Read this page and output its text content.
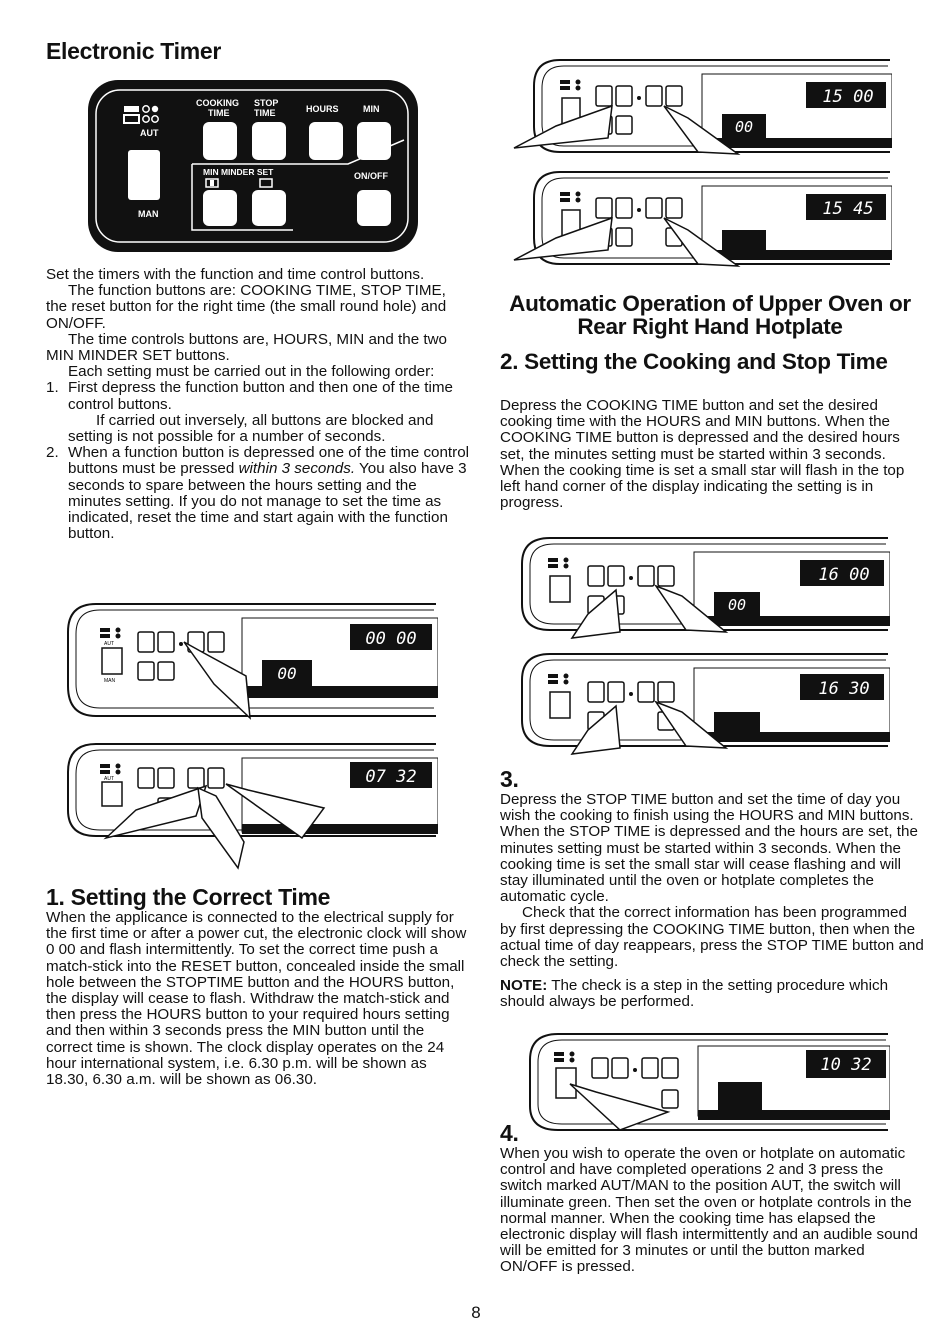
Electronic Timer
AUT
MAN
COOKING
TIME
STOP
TIME	HOURS	MIN
MIN MINDER SET	ON/OFF

Set the timers with the function and time control buttons.

The function buttons are: COOKING TIME, STOP TIME, the reset button for the right time (the small round hole) and ON/OFF.

The time controls buttons are, HOURS, MIN and the two MIN MINDER SET buttons.

Each setting must be carried out in the following order:

1. First depress the function button and then one of the time control buttons.

If carried out inversely, all buttons are blocked and setting is not possible for a number of seconds.

2. When a function button is depressed one of the time control buttons must be pressed within 3 seconds. You also have 3 seconds to spare between the hours setting and the minutes setting. If you do not manage to set the time as indicated, reset the time and start again with the function button.
AUT
MAN
00 00
00
AUT	07 32
1. Setting the Correct Time

When the applicance is connected to the electrical supply for the first time or after a power cut, the electronic clock will show 0 00 and flash intermittently. To set the correct time push a match-stick into the RESET button, concealed inside the small hole between the STOPTIME button and the HOURS button, the display will cease to flash. Withdraw the match-stick and then press the HOURS button to your required hours setting and then within 3 seconds press the MIN button until the correct time is shown. The clock display operates on the 24 hour international system, i.e. 6.30 p.m. will be shown as 18.30, 6.30 a.m. will be shown as 06.30.

15 00
00
15 45
Automatic Operation of Upper Oven or Rear Right Hand Hotplate
2. Setting the Cooking and Stop Time

Depress the COOKING TIME button and set the desired cooking time with the HOURS and MIN buttons. When the COOKING TIME button is depressed and the desired hours set, the minutes setting must be started within 3 seconds. When the cooking time is set a small star will flash in the top left hand corner of the display indicating the setting is in progress.

16 00
00
16 30
3.

Depress the STOP TIME button and set the time of day you wish the cooking to finish using the HOURS and MIN buttons. When the STOP TIME is depressed and the hours are set, the minutes setting must be started within 3 seconds. When the cooking time is set the small star will cease flashing and will stay illuminated until the oven or hotplate completes the automatic cycle.

Check that the correct information has been programmed by first depressing the COOKING TIME button, then when the actual time of day reappears, press the STOP TIME button and check the setting.

NOTE: The check is a step in the setting procedure which should always be performed.

10 32
4.

When you wish to operate the oven or hotplate on automatic control and have completed operations 2 and 3 press the switch marked AUT/MAN to the position AUT, the switch will illuminate green. Then set the oven or hotplate controls in the normal manner. When the cooking time has elapsed the electronic display will flash intermittently and an audible sound will be emitted for 3 minutes or until the button marked ON/OFF is pressed.

8
